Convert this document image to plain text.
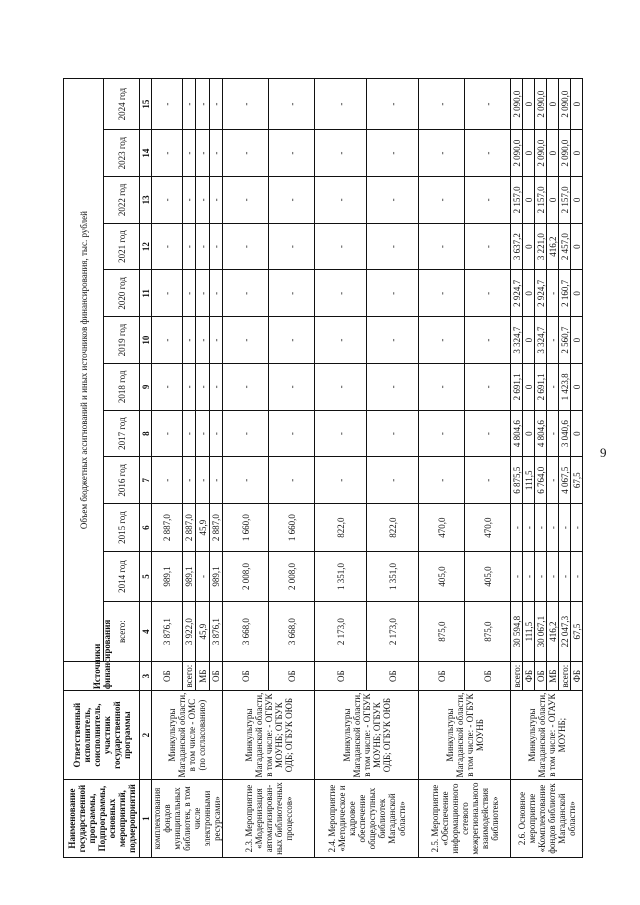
9
Наименование государственной программы, Подпрограммы, основных мероприятий, подмероприятий	Ответственный исполнитель, соисполнитель, участник государственной программы	Источники финансирования	Объем бюджетных ассигнований и иных источников финансирования, тыс. рублей											
			всего:	2014 год	2015 год	2016 год	2017 год	2018 год	2019 год	2020 год	2021 год	2022 год	2023 год	2024 год
1	2	3	4	5	6	7	8	9	10	11	12	13	14	15
комплектования фондов муниципальных библиотек, в том числе электронными ресурсами»	Минкультуры Магаданской области, в том числе - ОМС (по согласованию)	ОБ	3 876,1	989,1	2 887,0	-	-	-	-	-	-	-	-	-
		всего:	3 922,0	989,1	2 887,0	-	-	-	-	-	-	-	-	-
		МБ	45,9	-	45,9	-	-	-	-	-	-	-	-	-
		ОБ	3 876,1	989,1	2 887,0	-	-	-	-	-	-	-	-	-
2.3. Мероприятие «Модернизация автоматизирован-ных библиотечных процессов»	Минкультуры Магаданской области, в том числе: - ОГБУК МОУНБ; ОГБУК ОДБ; ОГБУК ОЮБ	ОБ	3 668,0	2 008,0	1 660,0	-	-	-	-	-	-	-	-	-
		ОБ	3 668,0	2 008,0	1 660,0	-	-	-	-	-	-	-	-	-
2.4. Мероприятие «Методическое и кадровое обеспечение общедоступных библиотек Магаданской области»	Минкультуры Магаданской области, в том числе: - ОГБУК МОУНБ; ОГБУК ОДБ; ОГБУК ОЮБ	ОБ	2 173,0	1 351,0	822,0	-	-	-	-	-	-	-	-	-
		ОБ	2 173,0	1 351,0	822,0	-	-	-	-	-	-	-	-	-
2.5. Мероприятие «Обеспечение информационного сетевого межрегионального взаимодействия библиотек»	Минкультуры Магаданской области, в том числе: - ОГБУК МОУНБ	ОБ	875,0	405,0	470,0	-	-	-	-	-	-	-	-	-
		ОБ	875,0	405,0	470,0	-	-	-	-	-	-	-	-	-
2.6. Основное мероприятие «Комплектование фондов библиотек Магаданской области»	Минкультуры Магаданской области, в том числе: - ОГАУК МОУНБ;	всего:	30 594,8	-	-	6 875,5	4 804,6	2 691,1	3 324,7	2 924,7	3 637,2	2 157,0	2 090,0	2 090,0
		ФБ	111,5	-	-	111,5	0	0	0	0	0	0	0	0
		ОБ	30 067,1	-	-	6 764,0	4 804,6	2 691,1	3 324,7	2 924,7	3 221,0	2 157,0	2 090,0	2 090,0
		МБ	416,2	-	-	-	-	-	-	-	416,2	0	0	0
		всего:	22 047,3	-	-	4 067,5	3 040,6	1 423,8	2 560,7	2 160,7	2 457,0	2 157,0	2 090,0	2 090,0
		ФБ	67,5	-	-	67,5	0	0	0	0	0	0	0	0
